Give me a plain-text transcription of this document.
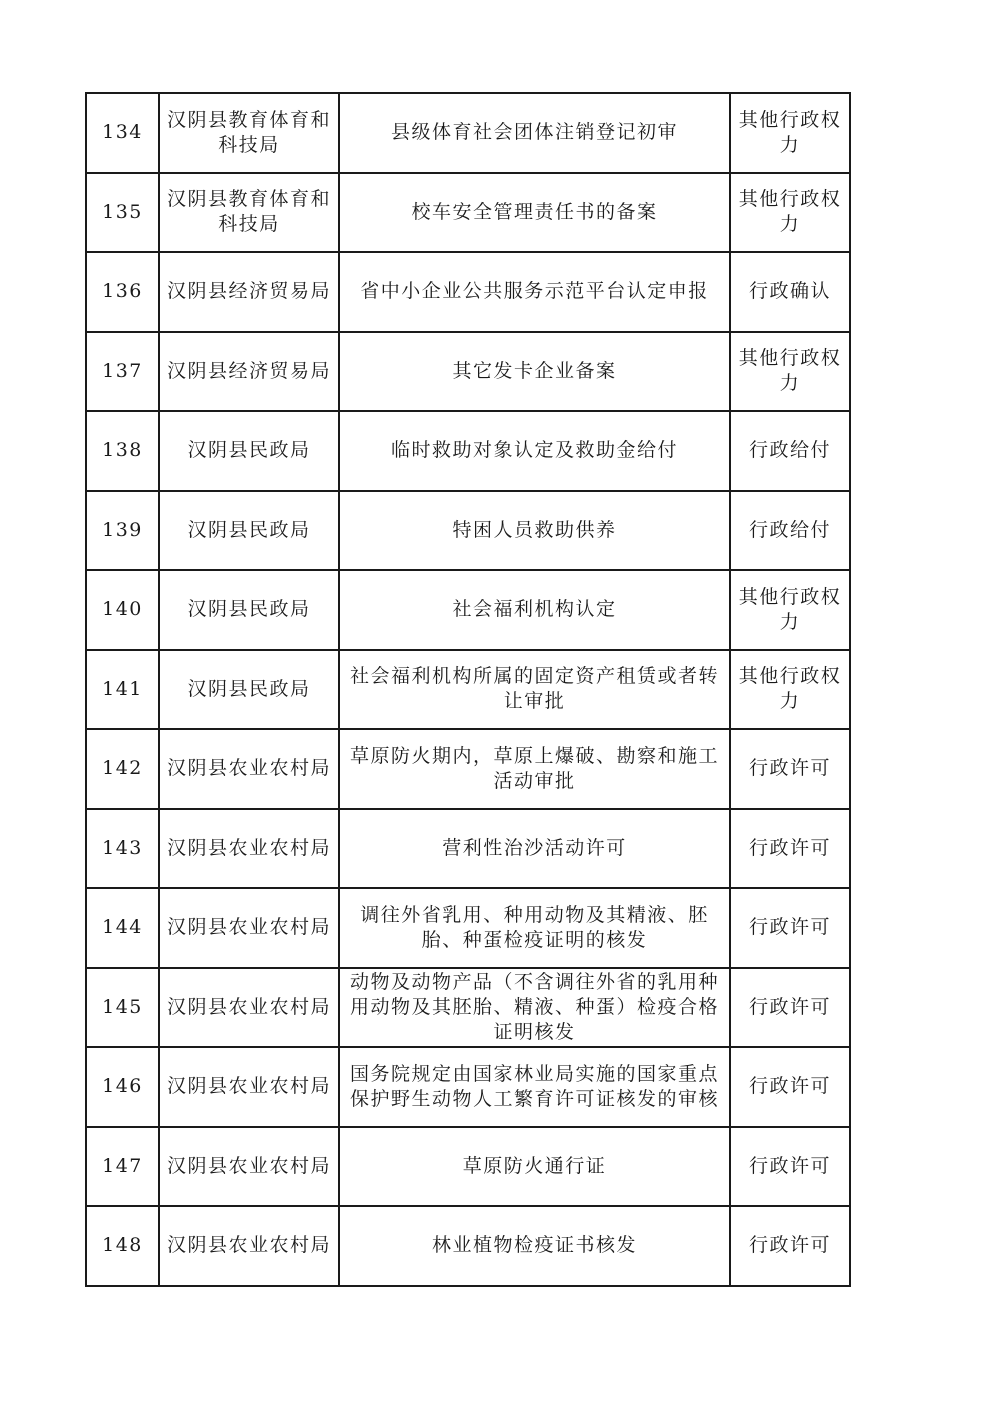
134	汉阴县教育体育和科技局	县级体育社会团体注销登记初审	其他行政权力
135	汉阴县教育体育和科技局	校车安全管理责任书的备案	其他行政权力
136	汉阴县经济贸易局	省中小企业公共服务示范平台认定申报	行政确认
137	汉阴县经济贸易局	其它发卡企业备案	其他行政权力
138	汉阴县民政局	临时救助对象认定及救助金给付	行政给付
139	汉阴县民政局	特困人员救助供养	行政给付
140	汉阴县民政局	社会福利机构认定	其他行政权力
141	汉阴县民政局	社会福利机构所属的固定资产租赁或者转让审批	其他行政权力
142	汉阴县农业农村局	草原防火期内，草原上爆破、勘察和施工活动审批	行政许可
143	汉阴县农业农村局	营利性治沙活动许可	行政许可
144	汉阴县农业农村局	调往外省乳用、种用动物及其精液、胚胎、种蛋检疫证明的核发	行政许可
145	汉阴县农业农村局	动物及动物产品（不含调往外省的乳用种用动物及其胚胎、精液、种蛋）检疫合格证明核发	行政许可
146	汉阴县农业农村局	国务院规定由国家林业局实施的国家重点保护野生动物人工繁育许可证核发的审核	行政许可
147	汉阴县农业农村局	草原防火通行证	行政许可
148	汉阴县农业农村局	林业植物检疫证书核发	行政许可
